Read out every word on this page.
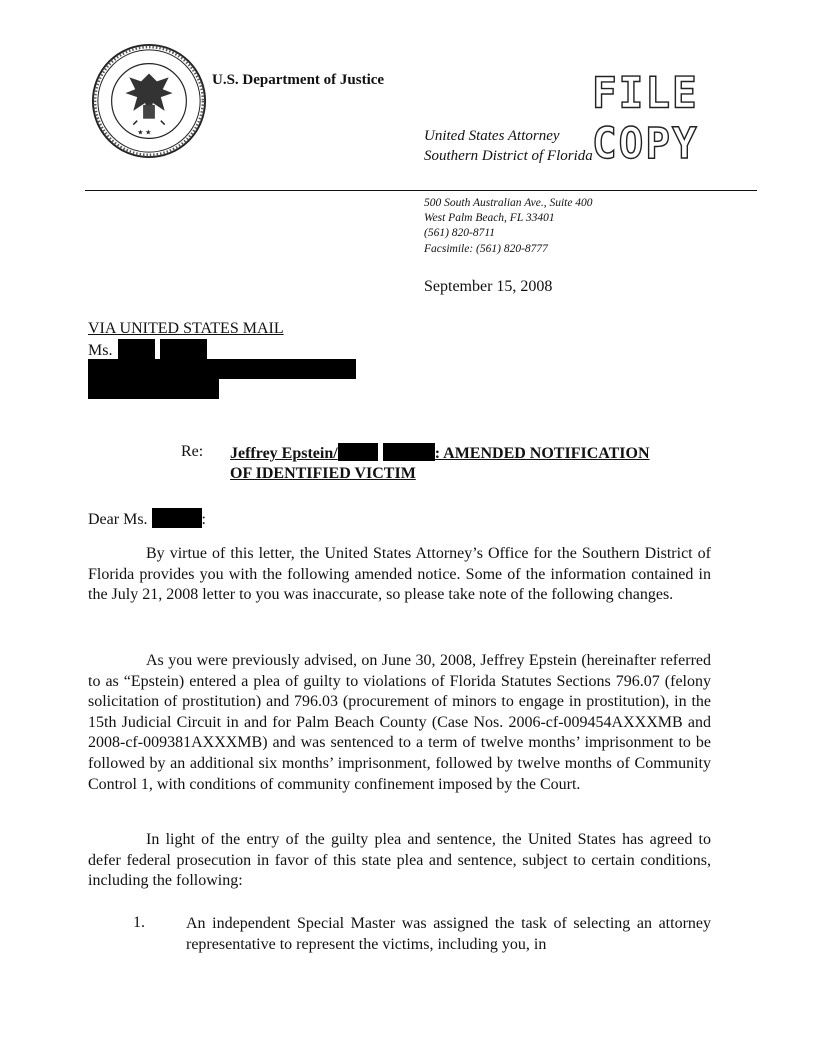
★ ★
U.S. Department of Justice	FILE COPY
United States Attorney
Southern District of Florida
500 South Australian Ave., Suite 400
West Palm Beach, FL 33401
(561) 820-8711
Facsimile: (561) 820-8777
September 15, 2008
VIA UNITED STATES MAIL
Ms.
Re: Jeffrey Epstein/	: AMENDED NOTIFICATION
OF IDENTIFIED VICTIM
Dear Ms.	:
By virtue of this letter, the United States Attorney’s Office for the Southern District of Florida provides you with the following amended notice. Some of the information contained in the July 21, 2008 letter to you was inaccurate, so please take note of the following changes.
As you were previously advised, on June 30, 2008, Jeffrey Epstein (hereinafter referred to as “Epstein) entered a plea of guilty to violations of Florida Statutes Sections 796.07 (felony solicitation of prostitution) and 796.03 (procurement of minors to engage in prostitution), in the 15th Judicial Circuit in and for Palm Beach County (Case Nos. 2006-cf-009454AXXXMB and 2008-cf-009381AXXXMB) and was sentenced to a term of twelve months’ imprisonment to be followed by an additional six months’ imprisonment, followed by twelve months of Community Control 1, with conditions of community confinement imposed by the Court.
In light of the entry of the guilty plea and sentence, the United States has agreed to defer federal prosecution in favor of this state plea and sentence, subject to certain conditions, including the following:
1.	An independent Special Master was assigned the task of selecting an attorney representative to represent the victims, including you, in
